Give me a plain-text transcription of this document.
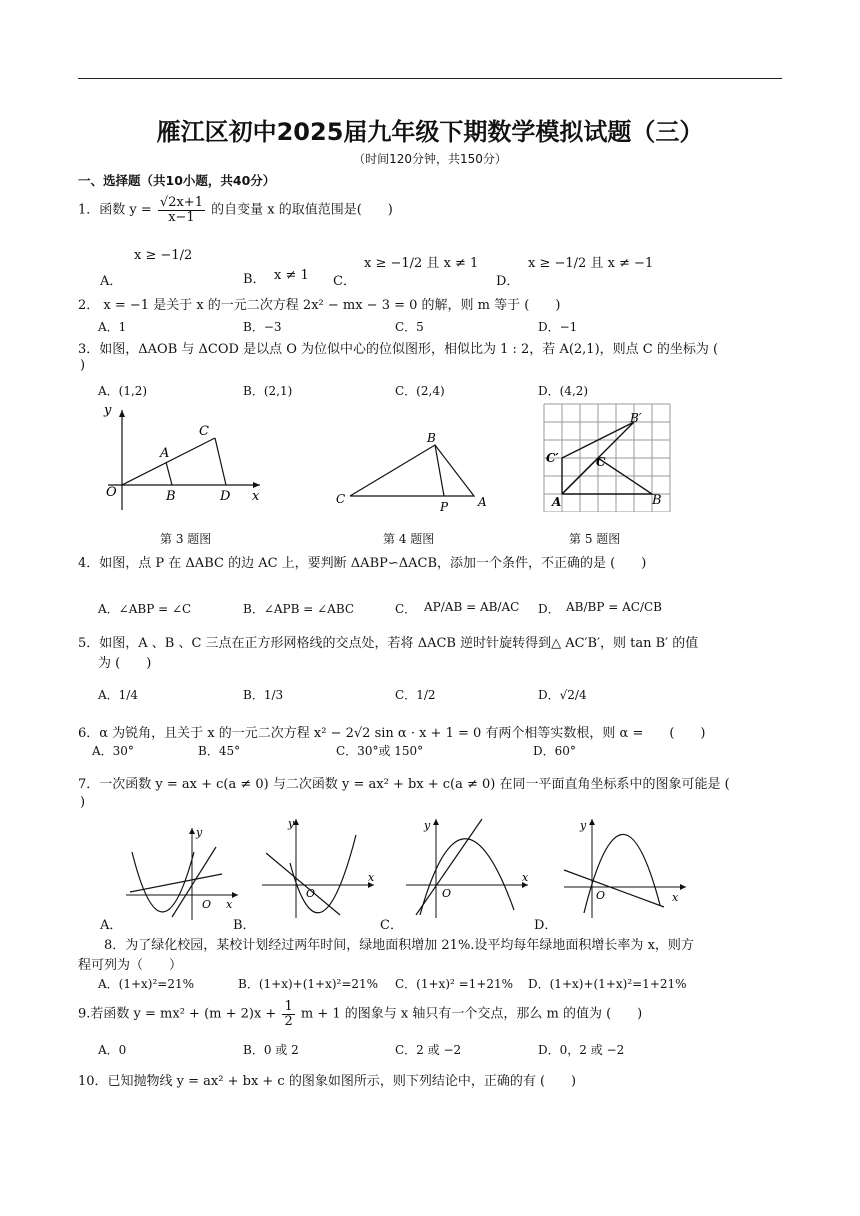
雁江区初中2025届九年级下期数学模拟试题（三）
（时间120分钟，共150分）
一、选择题（共10小题，共40分）
1．函数 $y = \frac{√2x+1}{x-1}$ 的自变量 x 的取值范围是(　　)
A．
x ≥ −1/2
B． x ≠ 1 C．
x ≥ −1/2 且 x ≠ 1
D．
x ≥ −1/2 且 x ≠ −1
2． x = −1 是关于 x 的一元二次方程 2x² − mx − 3 = 0 的解，则 m 等于 (　　)
A．1	B．−3	C．5	D．−1
3．如图，ΔAOB 与 ΔCOD 是以点 O 为位似中心的位似图形，相似比为 1 : 2，若 A(2,1)，则点 C 的坐标为 (
)
A．(1,2)	B．(2,1)	C．(2,4)	D．(4,2)
y
O
A
B
C
D x
B
C	A
P	A	B
C
C′
B′
第 3 题图	第 4 题图	第 5 题图
4．如图，点 P 在 ΔABC 的边 AC 上，要判断 ΔABP∽ΔACB，添加一个条件，不正确的是 (　　)
A．∠ABP = ∠C	B．∠APB = ∠ABC	C． AP/AB = AB/AC D． AB/BP = AC/CB
5．如图，A 、B 、C 三点在正方形网格线的交点处，若将 ΔACB 逆时针旋转得到△ AC′B′，则 tan B′ 的值
为 (　　)
A．1/4	B．1/3	C．1/2	D．√2/4
6．α 为锐角，且关于 x 的一元二次方程 x² − 2√2 sin α · x + 1 = 0 有两个相等实数根，则 α =　　(　　)
A．30°	B．45°	C．30°或 150°	D．60°
7．一次函数 y = ax + c(a ≠ 0) 与二次函数 y = ax² + bx + c(a ≠ 0) 在同一平面直角坐标系中的图象可能是 (
)
y
O x
y
O
x
y
O
x
y
O	x
A．	B．	C．	D．
8．为了绿化校园，某校计划经过两年时间，绿地面积增加 21%.设平均每年绿地面积增长率为 x，则方
程可列为（　　）
A．(1+x)²=21%	B．(1+x)+(1+x)²=21% C．(1+x)² =1+21% D．(1+x)+(1+x)²=1+21%
9.若函数 $y = mx^2 + (m + 2)x + \frac{1}{2}$ m + 1 的图象与 x 轴只有一个交点，那么 m 的值为 (　　)
A．0	B．0 或 2	C．2 或 −2	D．0，2 或 −2
10．已知抛物线 y = ax² + bx + c 的图象如图所示，则下列结论中，正确的有 (　　)
